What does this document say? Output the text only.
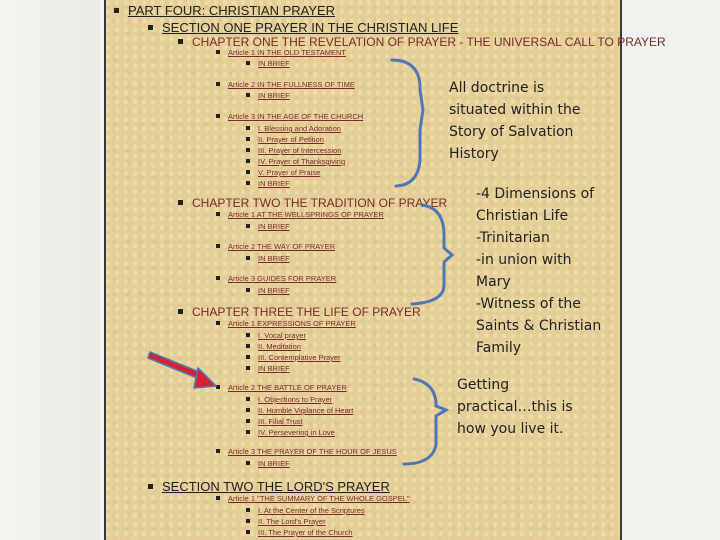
PART FOUR: CHRISTIAN PRAYER
SECTION ONE PRAYER IN THE CHRISTIAN LIFE
CHAPTER ONE THE REVELATION OF PRAYER - THE UNIVERSAL CALL TO PRAYER
Article 1 IN THE OLD TESTAMENT
IN BRIEF
Article 2 IN THE FULLNESS OF TIME
IN BRIEF
Article 3 IN THE AGE OF THE CHURCH
I. Blessing and Adoration
II. Prayer of Petition
III. Prayer of Intercession
IV. Prayer of Thanksgiving
V. Prayer of Praise
IN BRIEF
CHAPTER TWO THE TRADITION OF PRAYER
Article 1 AT THE WELLSPRINGS OF PRAYER
IN BRIEF
Article 2 THE WAY OF PRAYER
IN BRIEF
Article 3 GUIDES FOR PRAYER
IN BRIEF
CHAPTER THREE THE LIFE OF PRAYER
Article 1 EXPRESSIONS OF PRAYER
I. Vocal prayer
II. Meditation
III. Contemplative Prayer
IN BRIEF
Article 2 THE BATTLE OF PRAYER
I. Objections to Prayer
II. Humble Vigilance of Heart
III. Filial Trust
IV. Persevering in Love
Article 3 THE PRAYER OF THE HOUR OF JESUS
IN BRIEF
SECTION TWO THE LORD'S PRAYER
Article 1 "THE SUMMARY OF THE WHOLE GOSPEL"
I. At the Center of the Scriptures
II. The Lord's Prayer
III. The Prayer of the Church
All doctrine is
situated within the
Story of Salvation
History
-4 Dimensions of
Christian Life
-Trinitarian
-in union with
Mary
-Witness of the
Saints & Christian
Family
Getting
practical…this is
how you live it.
